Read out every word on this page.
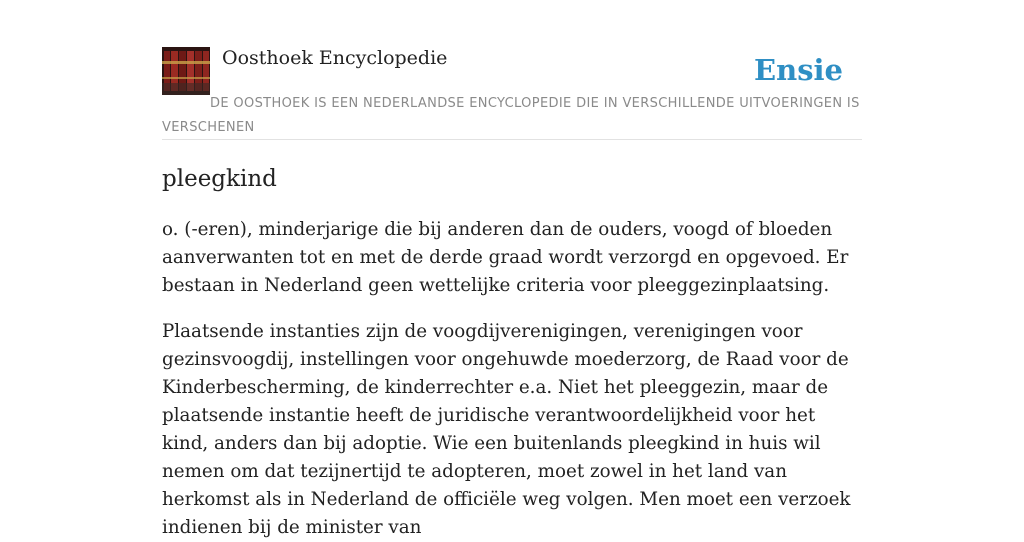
Oosthoek Encyclopedie	Ensie
DE OOSTHOEK IS EEN NEDERLANDSE ENCYCLOPEDIE DIE IN VERSCHILLENDE UITVOERINGEN IS VERSCHENEN
pleegkind

o. (-eren), minderjarige die bij anderen dan de ouders, voogd of bloeden aanverwanten tot en met de derde graad wordt verzorgd en opgevoed. Er bestaan in Nederland geen wettelijke criteria voor pleeggezinplaatsing.

Plaatsende instanties zijn de voogdijverenigingen, verenigingen voor gezinsvoogdij, instellingen voor ongehuwde moederzorg, de Raad voor de Kinderbescherming, de kinderrechter e.a. Niet het pleeggezin, maar de plaatsende instantie heeft de juridische verantwoordelijkheid voor het kind, anders dan bij adoptie. Wie een buitenlands pleegkind in huis wil nemen om dat tezijnertijd te adopteren, moet zowel in het land van herkomst als in Nederland de officiële weg volgen. Men moet een verzoek indienen bij de minister van
